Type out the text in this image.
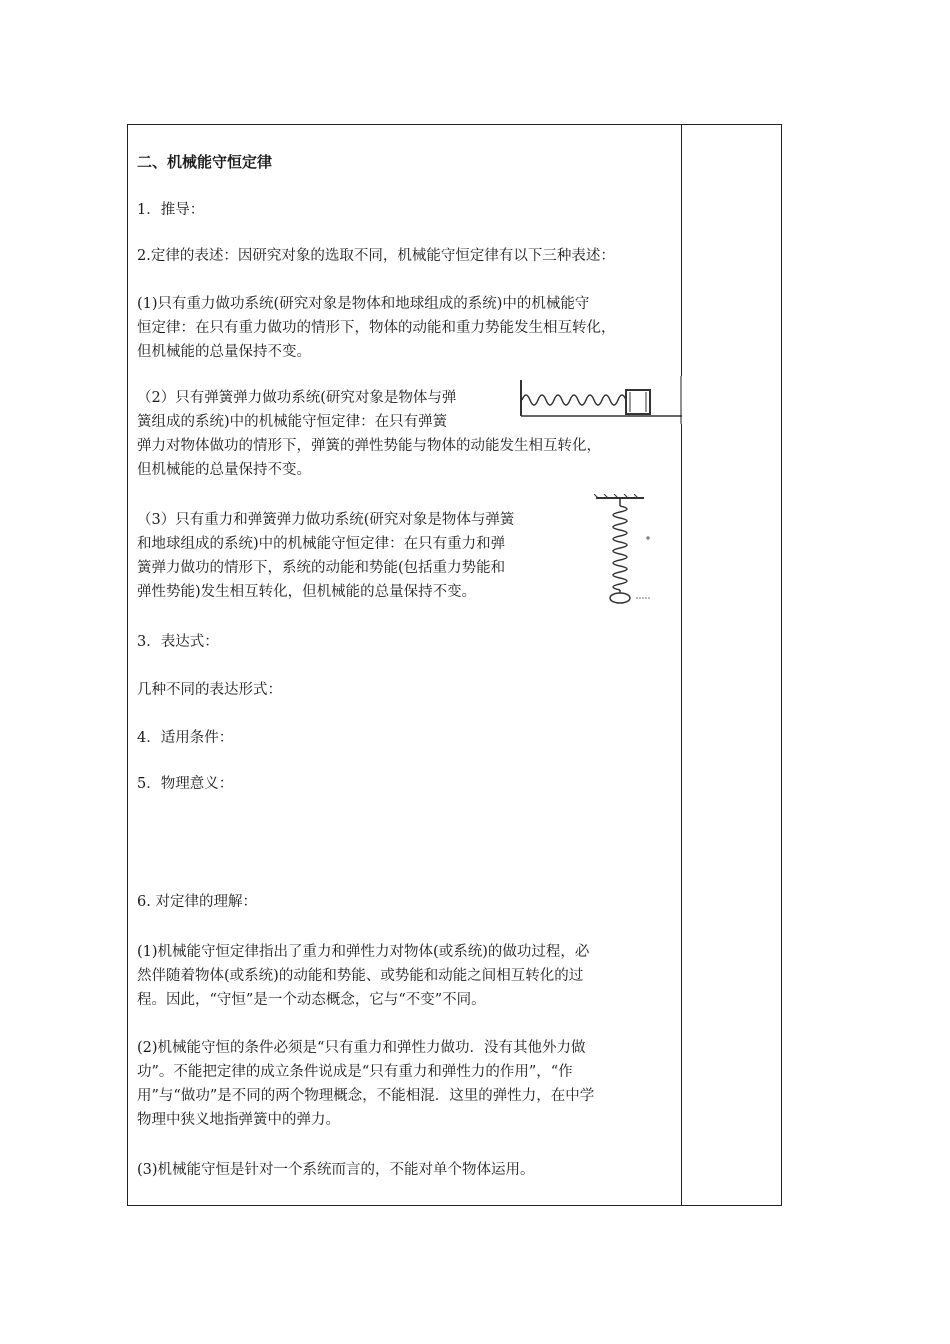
二、机械能守恒定律
1．推导：
2.定律的表述：因研究对象的选取不同，机械能守恒定律有以下三种表述：
(1)只有重力做功系统(研究对象是物体和地球组成的系统)中的机械能守
恒定律：在只有重力做功的情形下，物体的动能和重力势能发生相互转化，
但机械能的总量保持不变。
（2）只有弹簧弹力做功系统(研究对象是物体与弹
簧组成的系统)中的机械能守恒定律：在只有弹簧
弹力对物体做功的情形下，弹簧的弹性势能与物体的动能发生相互转化，
但机械能的总量保持不变。
（3）只有重力和弹簧弹力做功系统(研究对象是物体与弹簧
和地球组成的系统)中的机械能守恒定律：在只有重力和弹
簧弹力做功的情形下，系统的动能和势能(包括重力势能和
弹性势能)发生相互转化，但机械能的总量保持不变。
3．表达式：
几种不同的表达形式：
4．适用条件：
5．物理意义：
6. 对定律的理解：
(1)机械能守恒定律指出了重力和弹性力对物体(或系统)的做功过程，必
然伴随着物体(或系统)的动能和势能、或势能和动能之间相互转化的过
程。因此，“守恒”是一个动态概念，它与“不变”不同。
(2)机械能守恒的条件必须是“只有重力和弹性力做功．没有其他外力做
功”。不能把定律的成立条件说成是“只有重力和弹性力的作用”，“作
用”与“做功”是不同的两个物理概念，不能相混．这里的弹性力，在中学
物理中狭义地指弹簧中的弹力。
(3)机械能守恒是针对一个系统而言的，不能对单个物体运用。
